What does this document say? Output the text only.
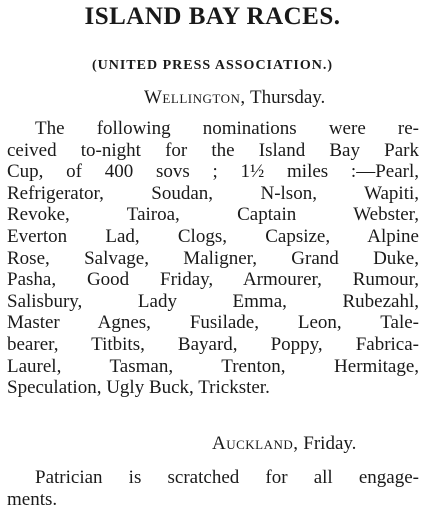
ISLAND BAY RACES.
(UNITED PRESS ASSOCIATION.)
Wellington, Thursday.
The following nominations were re-
ceived to-night for the Island Bay Park
Cup, of 400 sovs ; 1½ miles :—Pearl,
Refrigerator, Soudan, N-lson, Wapiti,
Revoke, Tairoa, Captain Webster,
Everton Lad, Clogs, Capsize, Alpine
Rose, Salvage, Maligner, Grand Duke,
Pasha, Good Friday, Armourer, Rumour,
Salisbury, Lady Emma, Rubezahl,
Master Agnes, Fusilade, Leon, Tale-
bearer, Titbits, Bayard, Poppy, Fabrica-
Laurel, Tasman, Trenton, Hermitage,
Speculation, Ugly Buck, Trickster.
Auckland, Friday.
Patrician is scratched for all engage-
ments.
